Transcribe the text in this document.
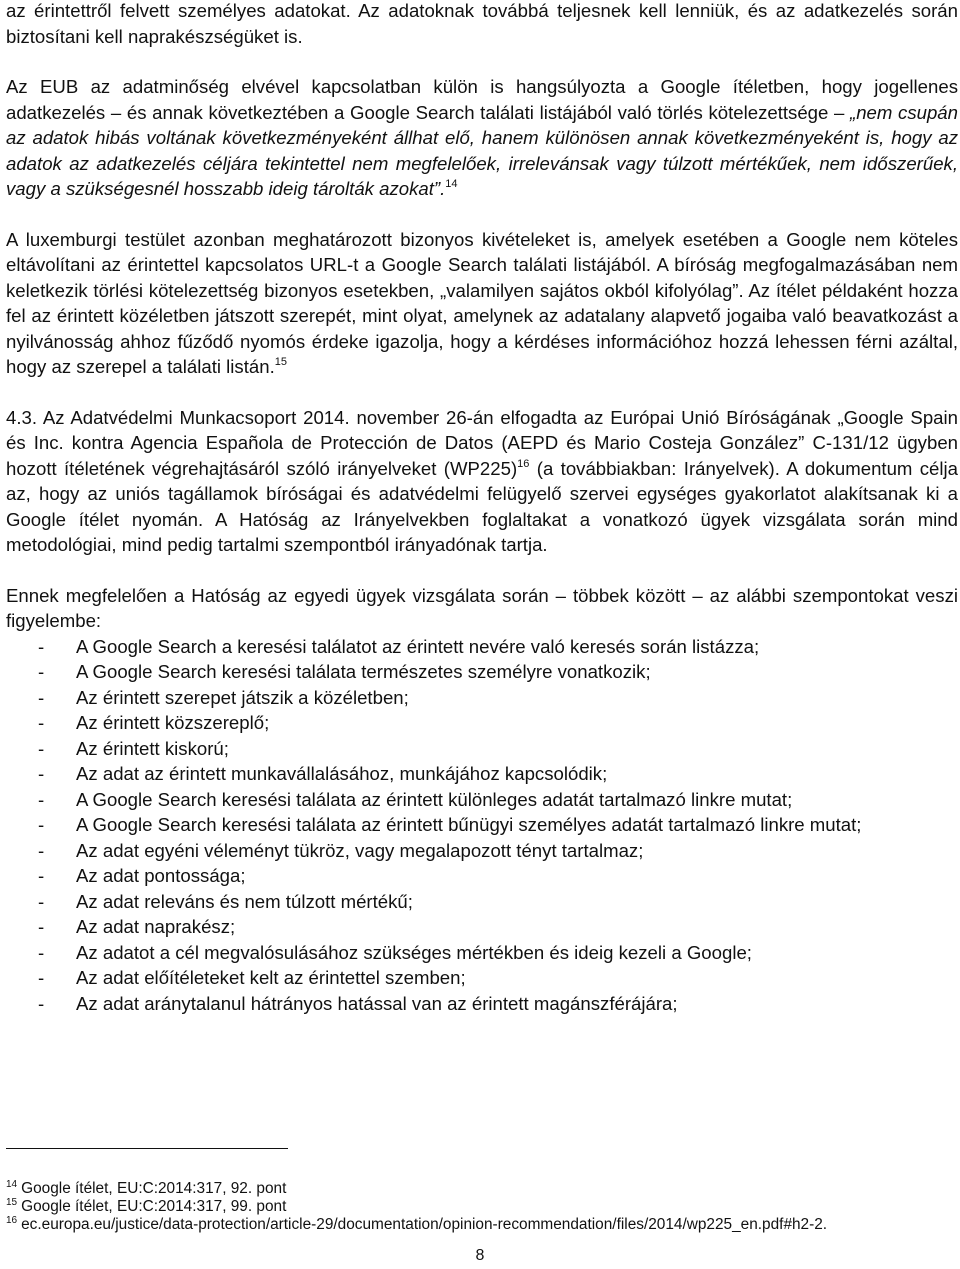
az érintettről felvett személyes adatokat. Az adatoknak továbbá teljesnek kell lenniük, és az adatkezelés során biztosítani kell naprakészségüket is.

Az EUB az adatminőség elvével kapcsolatban külön is hangsúlyozta a Google ítéletben, hogy jogellenes adatkezelés – és annak következtében a Google Search találati listájából való törlés kötelezettsége – „nem csupán az adatok hibás voltának következményeként állhat elő, hanem különösen annak következményeként is, hogy az adatok az adatkezelés céljára tekintettel nem megfelelőek, irrelevánsak vagy túlzott mértékűek, nem időszerűek, vagy a szükségesnél hosszabb ideig tárolták azokat”.$^{14}$

A luxemburgi testület azonban meghatározott bizonyos kivételeket is, amelyek esetében a Google nem köteles eltávolítani az érintettel kapcsolatos URL-t a Google Search találati listájából. A bíróság megfogalmazásában nem keletkezik törlési kötelezettség bizonyos esetekben, „valamilyen sajátos okból kifolyólag”. Az ítélet példaként hozza fel az érintett közéletben játszott szerepét, mint olyat, amelynek az adatalany alapvető jogaiba való beavatkozást a nyilvánosság ahhoz fűződő nyomós érdeke igazolja, hogy a kérdéses információhoz hozzá lehessen férni azáltal, hogy az szerepel a találati listán.$^{15}$

4.3. Az Adatvédelmi Munkacsoport 2014. november 26-án elfogadta az Európai Unió Bíróságának „Google Spain és Inc. kontra Agencia Española de Protección de Datos (AEPD és Mario Costeja González” C-131/12 ügyben hozott ítéletének végrehajtásáról szóló irányelveket $(WP225)^{16}$ (a továbbiakban: Irányelvek). A dokumentum célja az, hogy az uniós tagállamok bíróságai és adatvédelmi felügyelő szervei egységes gyakorlatot alakítsanak ki a Google ítélet nyomán. A Hatóság az Irányelvekben foglaltakat a vonatkozó ügyek vizsgálata során mind metodológiai, mind pedig tartalmi szempontból irányadónak tartja.

Ennek megfelelően a Hatóság az egyedi ügyek vizsgálata során – többek között – az alábbi szempontokat veszi figyelembe:

- A Google Search a keresési találatot az érintett nevére való keresés során listázza;
- A Google Search keresési találata természetes személyre vonatkozik;
- Az érintett szerepet játszik a közéletben;
- Az érintett közszereplő;
- Az érintett kiskorú;
- Az adat az érintett munkavállalásához, munkájához kapcsolódik;
- A Google Search keresési találata az érintett különleges adatát tartalmazó linkre mutat;
- A Google Search keresési találata az érintett bűnügyi személyes adatát tartalmazó linkre mutat;
- Az adat egyéni véleményt tükröz, vagy megalapozott tényt tartalmaz;
- Az adat pontossága;
- Az adat releváns és nem túlzott mértékű;
- Az adat naprakész;
- Az adatot a cél megvalósulásához szükséges mértékben és ideig kezeli a Google;
- Az adat előítéleteket kelt az érintettel szemben;
- Az adat aránytalanul hátrányos hatással van az érintett magánszférájára;

$^{14}$ Google ítélet, EU:C:2014:317, 92. pont

$^{15}$ Google ítélet, EU:C:2014:317, 99. pont

$^{16}$ ec.europa.eu/justice/data-protection/article-29/documentation/opinion-recommendation/files/2014/wp225_en.pdf#h2-2.

8
